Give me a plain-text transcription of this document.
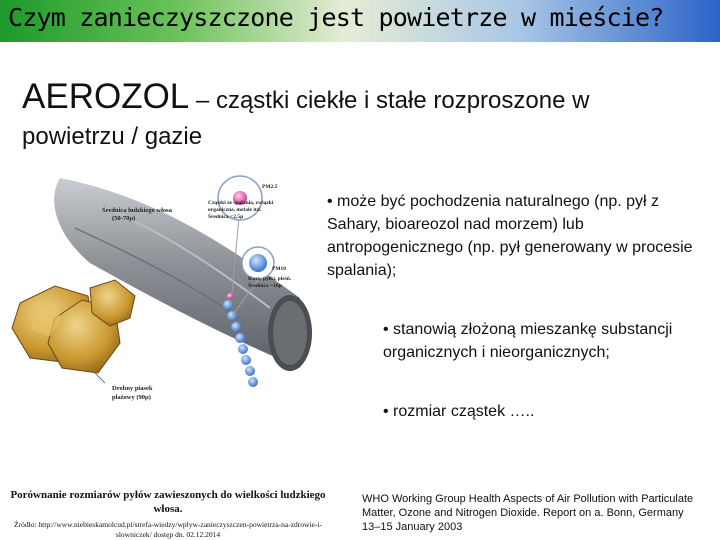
Czym zanieczyszczone jest powietrze w mieście?
AEROZOL – cząstki ciekłe i stałe rozproszone w
powietrzu / gazie
Średnica ludzkiego włosa
(50-70µ)
PM2.5
Cząstki ze spalania, związki
organiczne, metale itd.
Średnica <2,5µ
PM10
Kurz, pyłki, pleśń.
Średnica <10µ
Drobny piasek
plażowy (90µ)
• może być pochodzenia naturalnego (np. pył z Sahary, bioareozol nad morzem) lub antropogenicznego (np. pył generowany w procesie spalania);
• stanowią złożoną mieszankę substancji organicznych i nieorganicznych;
• rozmiar cząstek …..
Porównanie rozmiarów pyłów zawieszonych do wielkości ludzkiego włosa.
Źródło: http://www.niebieskamolcud.pl/strefa-wiedzy/wplyw-zanieczyszczen-powietrza-na-zdrowie-i-slowniczek/ dostęp dn. 02.12.2014
WHO Working Group Health Aspects of Air Pollution with Particulate Matter, Ozone and Nitrogen Dioxide. Report on a. Bonn, Germany 13–15 January 2003
